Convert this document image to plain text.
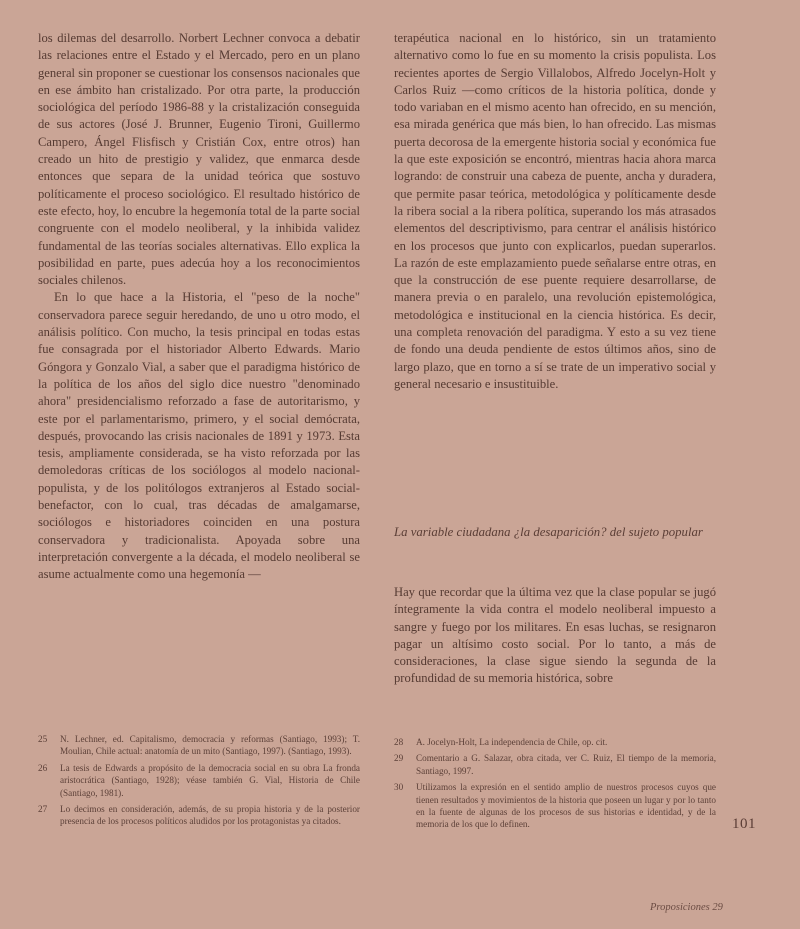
los dilemas del desarrollo. Norbert Lechner convoca a debatir las relaciones entre el Estado y el Mercado, pero en un plano general sin proponer se cuestionar los consensos nacionales que en ese ámbito han cristalizado. Por otra parte, la producción sociológica del período 1986-88 y la cristalización conseguida de sus actores (José J. Brunner, Eugenio Tironi, Guillermo Campero, Ángel Flisfisch y Cristián Cox, entre otros) han creado un hito de prestigio y validez, que enmarca desde entonces que separa de la unidad teórica que sostuvo políticamente el proceso sociológico. El resultado histórico de este efecto, hoy, lo encubre la hegemonía total de la parte social congruente con el modelo neoliberal, y la inhibida validez fundamental de las teorías sociales alternativas. Ello explica la posibilidad en parte, pues adecúa hoy a los reconocimientos sociales chilenos.

En lo que hace a la Historia, el "peso de la noche" conservadora parece seguir heredando, de uno u otro modo, el análisis político. Con mucho, la tesis principal en todas estas fue consagrada por el historiador Alberto Edwards. Mario Góngora y Gonzalo Vial, a saber que el paradigma histórico de la política de los años del siglo dice nuestro "denominado ahora" presidencialismo reforzado a fase de autoritarismo, y este por el parlamentarismo, primero, y el social demócrata, después, provocando las crisis nacionales de 1891 y 1973. Esta tesis, ampliamente considerada, se ha visto reforzada por las demoledoras críticas de los sociólogos al modelo nacional-populista, y de los politólogos extranjeros al Estado social-benefactor, con lo cual, tras décadas de amalgamarse, sociólogos e historiadores coinciden en una postura conservadora y tradicionalista. Apoyada sobre una interpretación convergente a la década, el modelo neoliberal se asume actualmente como una hegemonía —

terapéutica nacional en lo histórico, sin un tratamiento alternativo como lo fue en su momento la crisis populista. Los recientes aportes de Sergio Villalobos, Alfredo Jocelyn-Holt y Carlos Ruiz —como críticos de la historia política, donde y todo variaban en el mismo acento han ofrecido, en su mención, esa mirada genérica que más bien, lo han ofrecido. Las mismas puerta decorosa de la emergente historia social y económica fue la que este exposición se encontró, mientras hacia ahora marca logrando: de construir una cabeza de puente, ancha y duradera, que permite pasar teórica, metodológica y políticamente desde la ribera social a la ribera política, superando los más atrasados elementos del descriptivismo, para centrar el análisis histórico en los procesos que junto con explicarlos, puedan superarlos. La razón de este emplazamiento puede señalarse entre otras, en que la construcción de ese puente requiere desarrollarse, de manera previa o en paralelo, una revolución epistemológica, metodológica e institucional en la ciencia histórica. Es decir, una completa renovación del paradigma. Y esto a su vez tiene de fondo una deuda pendiente de estos últimos años, sino de largo plazo, que en torno a sí se trate de un imperativo social y general necesario e insustituible.

La variable ciudadana ¿la desaparición? del sujeto popular

Hay que recordar que la última vez que la clase popular se jugó íntegramente la vida contra el modelo neoliberal impuesto a sangre y fuego por los militares. En esas luchas, se resignaron pagar un altísimo costo social. Por lo tanto, a más de consideraciones, la clase sigue siendo la segunda de la profundidad de su memoria histórica, sobre

25	N. Lechner, ed. Capitalismo, democracia y reformas (Santiago, 1993); T. Moulian, Chile actual: anatomía de un mito (Santiago, 1997). (Santiago, 1993).
26	La tesis de Edwards a propósito de la democracia social en su obra La fronda aristocrática (Santiago, 1928); véase también G. Vial, Historia de Chile (Santiago, 1981).
27	Lo decimos en consideración, además, de su propia historia y de la posterior presencia de los procesos políticos aludidos por los protagonistas ya citados.
28	A. Jocelyn-Holt, La independencia de Chile, op. cit.
29	Comentario a G. Salazar, obra citada, ver C. Ruiz, El tiempo de la memoria, Santiago, 1997.
30	Utilizamos la expresión en el sentido amplio de nuestros procesos cuyos que tienen resultados y movimientos de la historia que poseen un lugar y por lo tanto en la fuente de algunas de los procesos de sus historias e identidad, y de la memoria de los que lo definen.	101
Proposiciones 29
